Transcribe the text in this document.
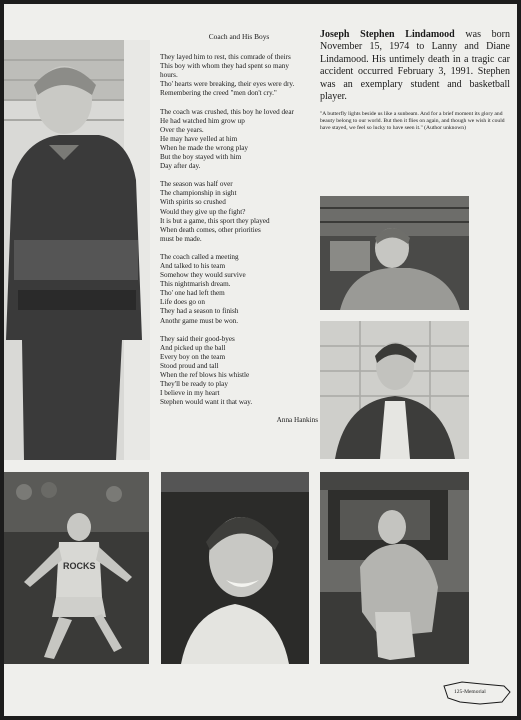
Coach and His Boys
They layed him to rest, this comrade of theirs
This boy with whom they had spent so many
hours.
Tho' hearts were breaking, their eyes were dry.
Remembering the creed "men don't cry."
The coach was crushed, this boy he loved dear
He had watched him grow up
Over the years.
He may have yelled at him
When he made the wrong play
But the boy stayed with him
Day after day.
The season was half over
The championship in sight
With spirits so crushed
Would they give up the fight?
It is but a game, this sport they played
When death comes, other priorities
must be made.
The coach called a meeting
And talked to his team
Somehow they would survive
This nightmarish dream.
Tho' one had left them
Life does go on
They had a season to finish
Anothr game must be won.
They said their good-byes
And picked up the ball
Every boy on the team
Stood proud and tall
When the ref blows his whistle
They'll be ready to play
I believe in my heart
Stephen would want it that way.
Anna Hankins
Joseph Stephen Lindamood was born November 15, 1974 to Lanny and Diane Lindamood. His untimely death in a tragic car accident occurred February 3, 1991. Stephen was an exemplary student and basketball player.
"A butterfly lights beside us like a sunbeam. And for a brief moment its glory and beauty belong to our world. But then it flies on again, and though we wish it could have stayed, we feel so lucky to have seen it." (Author unknown)
ROCKS
125-Memorial
